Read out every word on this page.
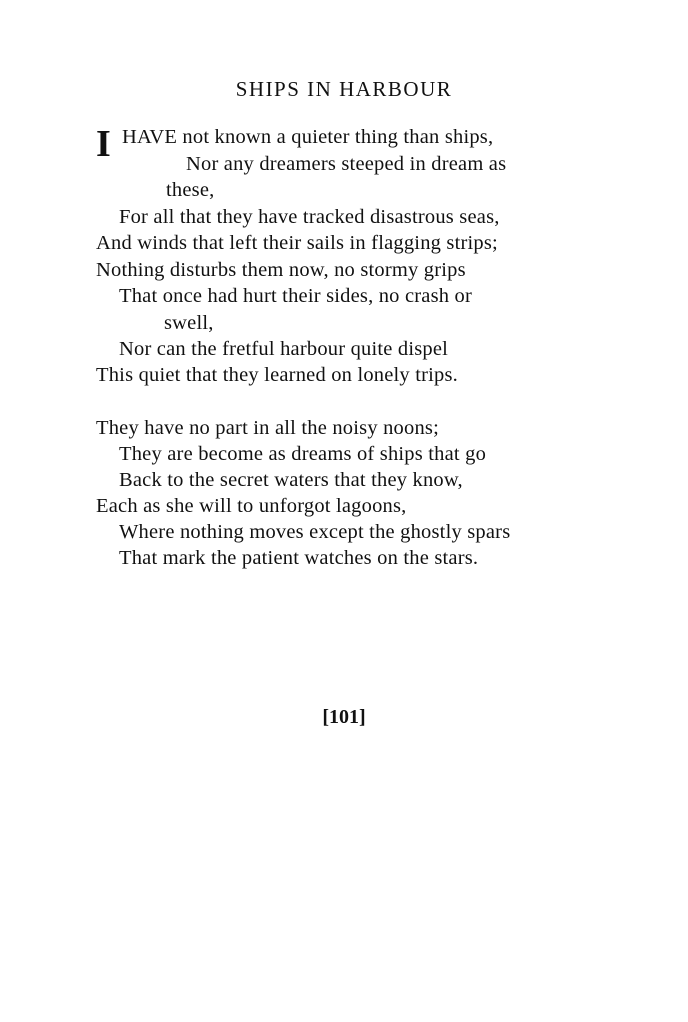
SHIPS IN HARBOUR
I HAVE not known a quieter thing than ships,
Nor any dreamers steeped in dream as
these,
For all that they have tracked disastrous seas,
And winds that left their sails in flagging strips;
Nothing disturbs them now, no stormy grips
That once had hurt their sides, no crash or
swell,
Nor can the fretful harbour quite dispel
This quiet that they learned on lonely trips.
They have no part in all the noisy noons;
They are become as dreams of ships that go
Back to the secret waters that they know,
Each as she will to unforgot lagoons,
Where nothing moves except the ghostly spars
That mark the patient watches on the stars.
[101]
